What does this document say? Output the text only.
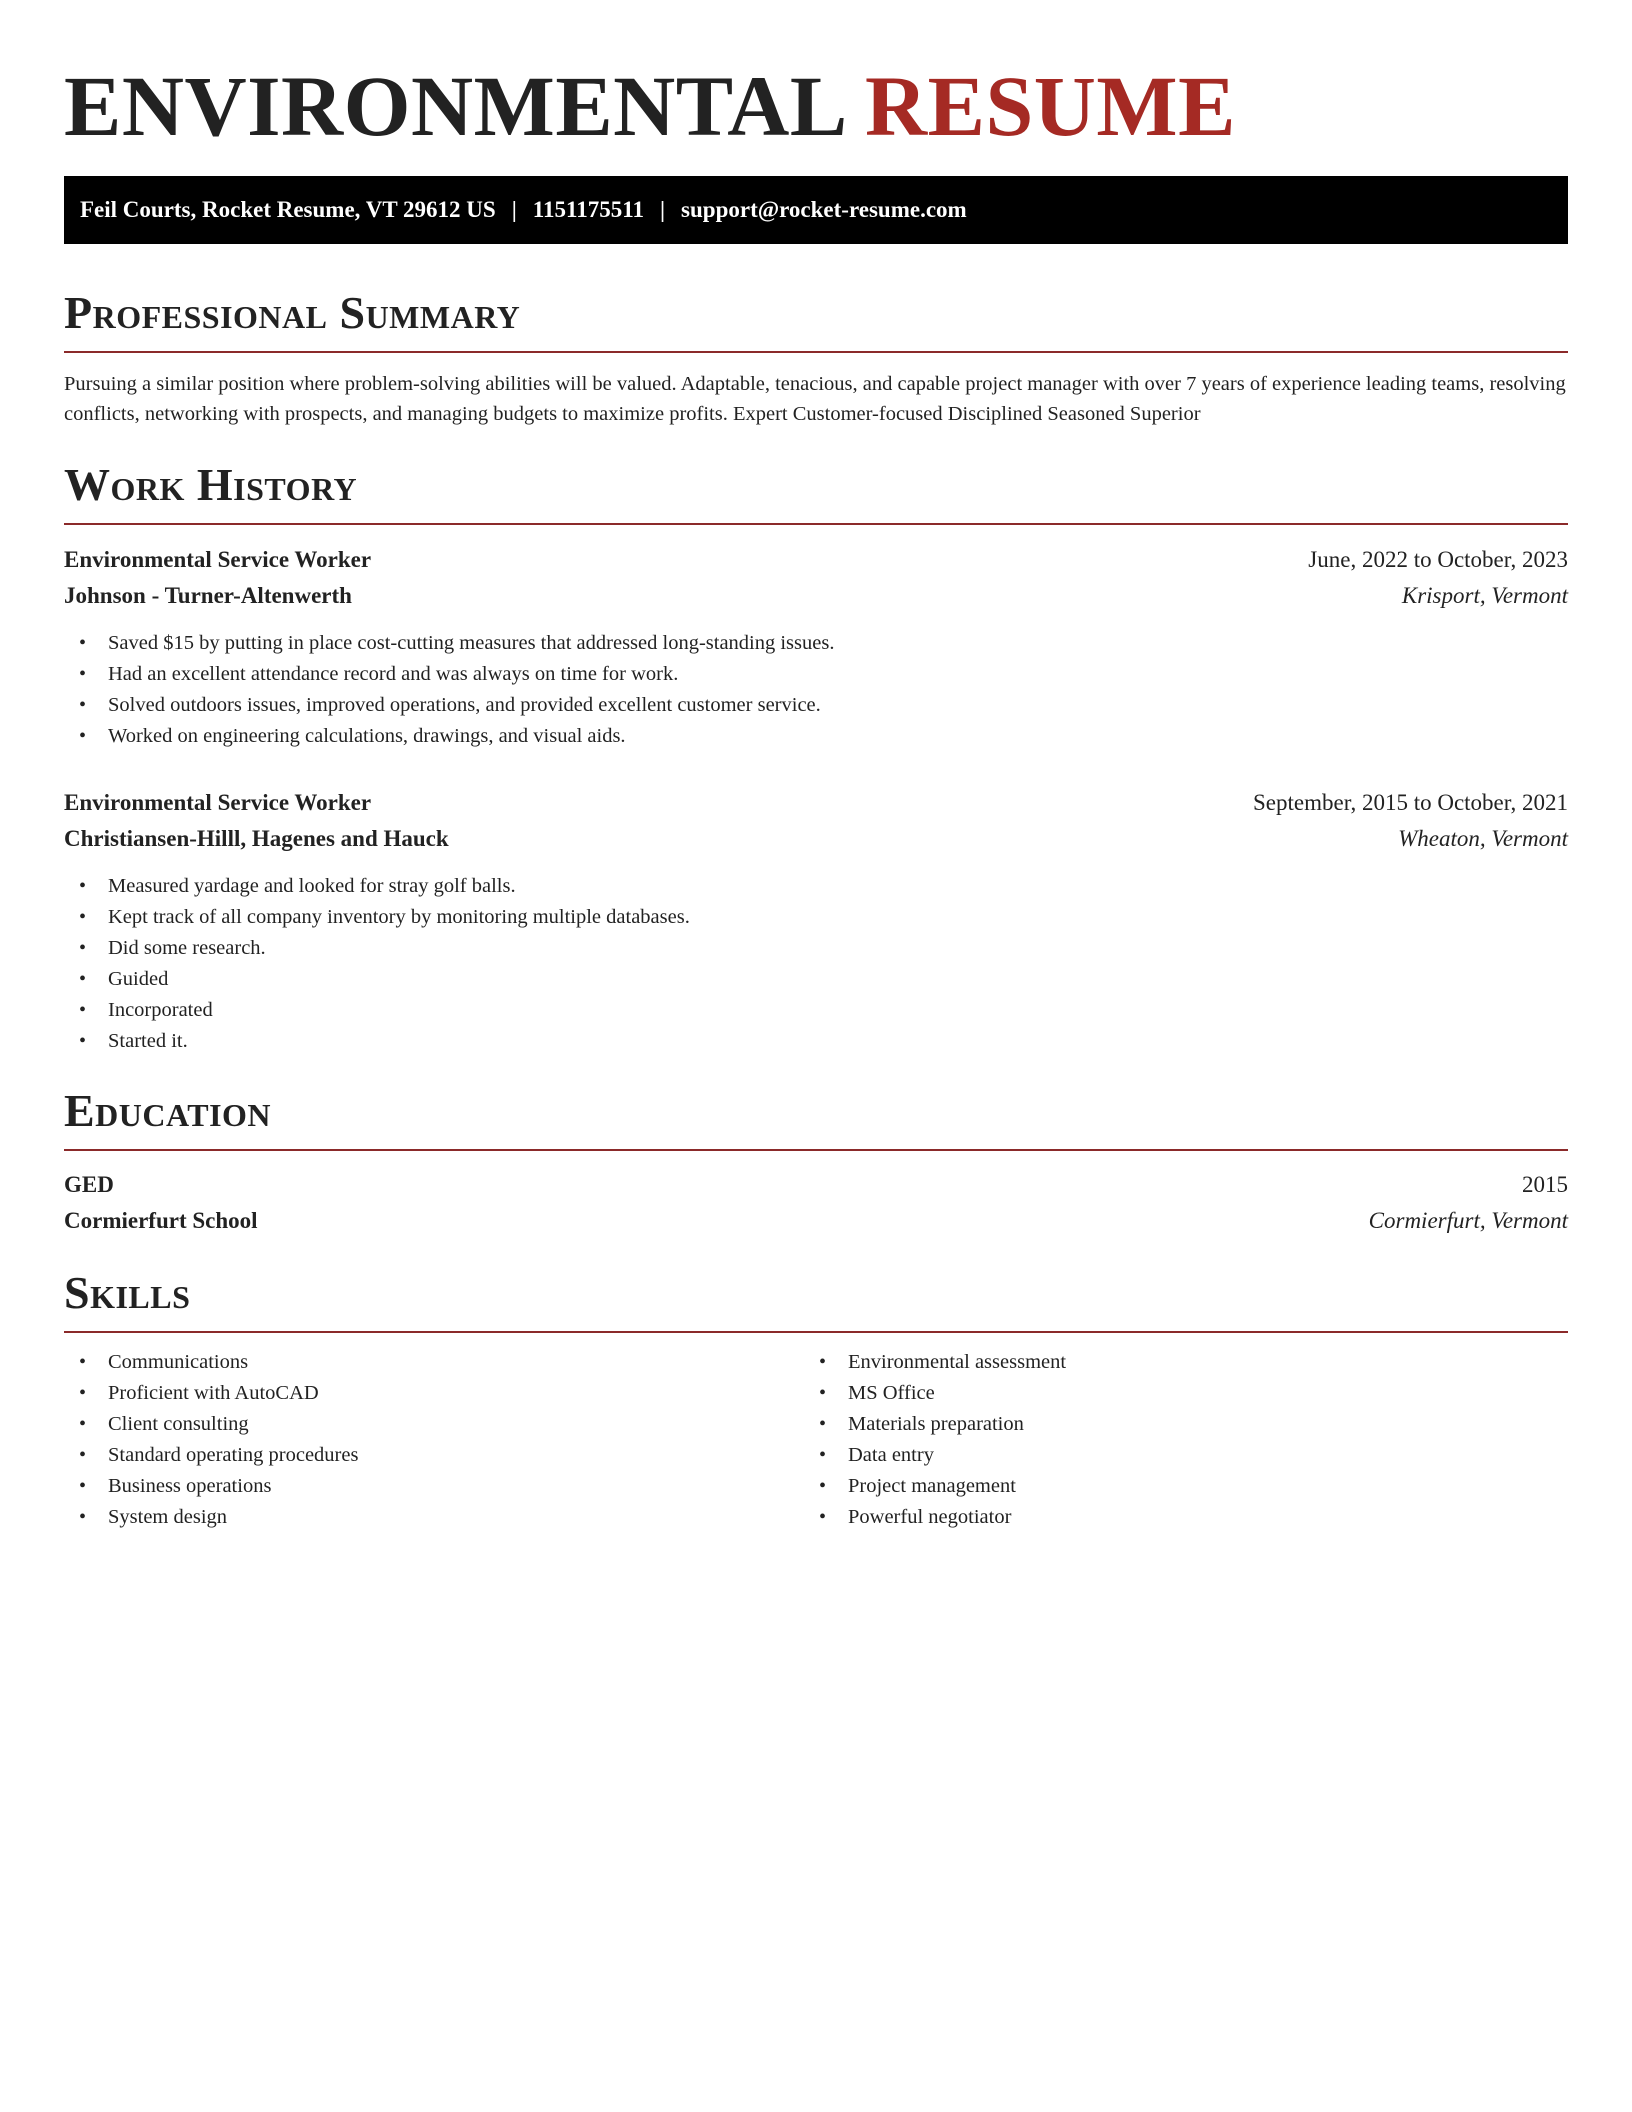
ENVIRONMENTAL RESUME
Feil Courts, Rocket Resume, VT 29612 US | 1151175511 | support@rocket-resume.com
Professional Summary

Pursuing a similar position where problem-solving abilities will be valued. Adaptable, tenacious, and capable project manager with over 7 years of experience leading teams, resolving conflicts, networking with prospects, and managing budgets to maximize profits. Expert Customer-focused Disciplined Seasoned Superior

Work History
Environmental Service Worker	June, 2022 to October, 2023
Johnson - Turner-Altenwerth	Krisport, Vermont
• Saved $15 by putting in place cost-cutting measures that addressed long-standing issues.
• Had an excellent attendance record and was always on time for work.
• Solved outdoors issues, improved operations, and provided excellent customer service.
• Worked on engineering calculations, drawings, and visual aids.
Environmental Service Worker	September, 2015 to October, 2021
Christiansen-Hilll, Hagenes and Hauck	Wheaton, Vermont
• Measured yardage and looked for stray golf balls.
• Kept track of all company inventory by monitoring multiple databases.
• Did some research.
• Guided
• Incorporated
• Started it.
Education
GED	2015
Cormierfurt School	Cormierfurt, Vermont
Skills
• Communications
• Proficient with AutoCAD
• Client consulting
• Standard operating procedures
• Business operations
• System design
• Environmental assessment
• MS Office
• Materials preparation
• Data entry
• Project management
• Powerful negotiator
